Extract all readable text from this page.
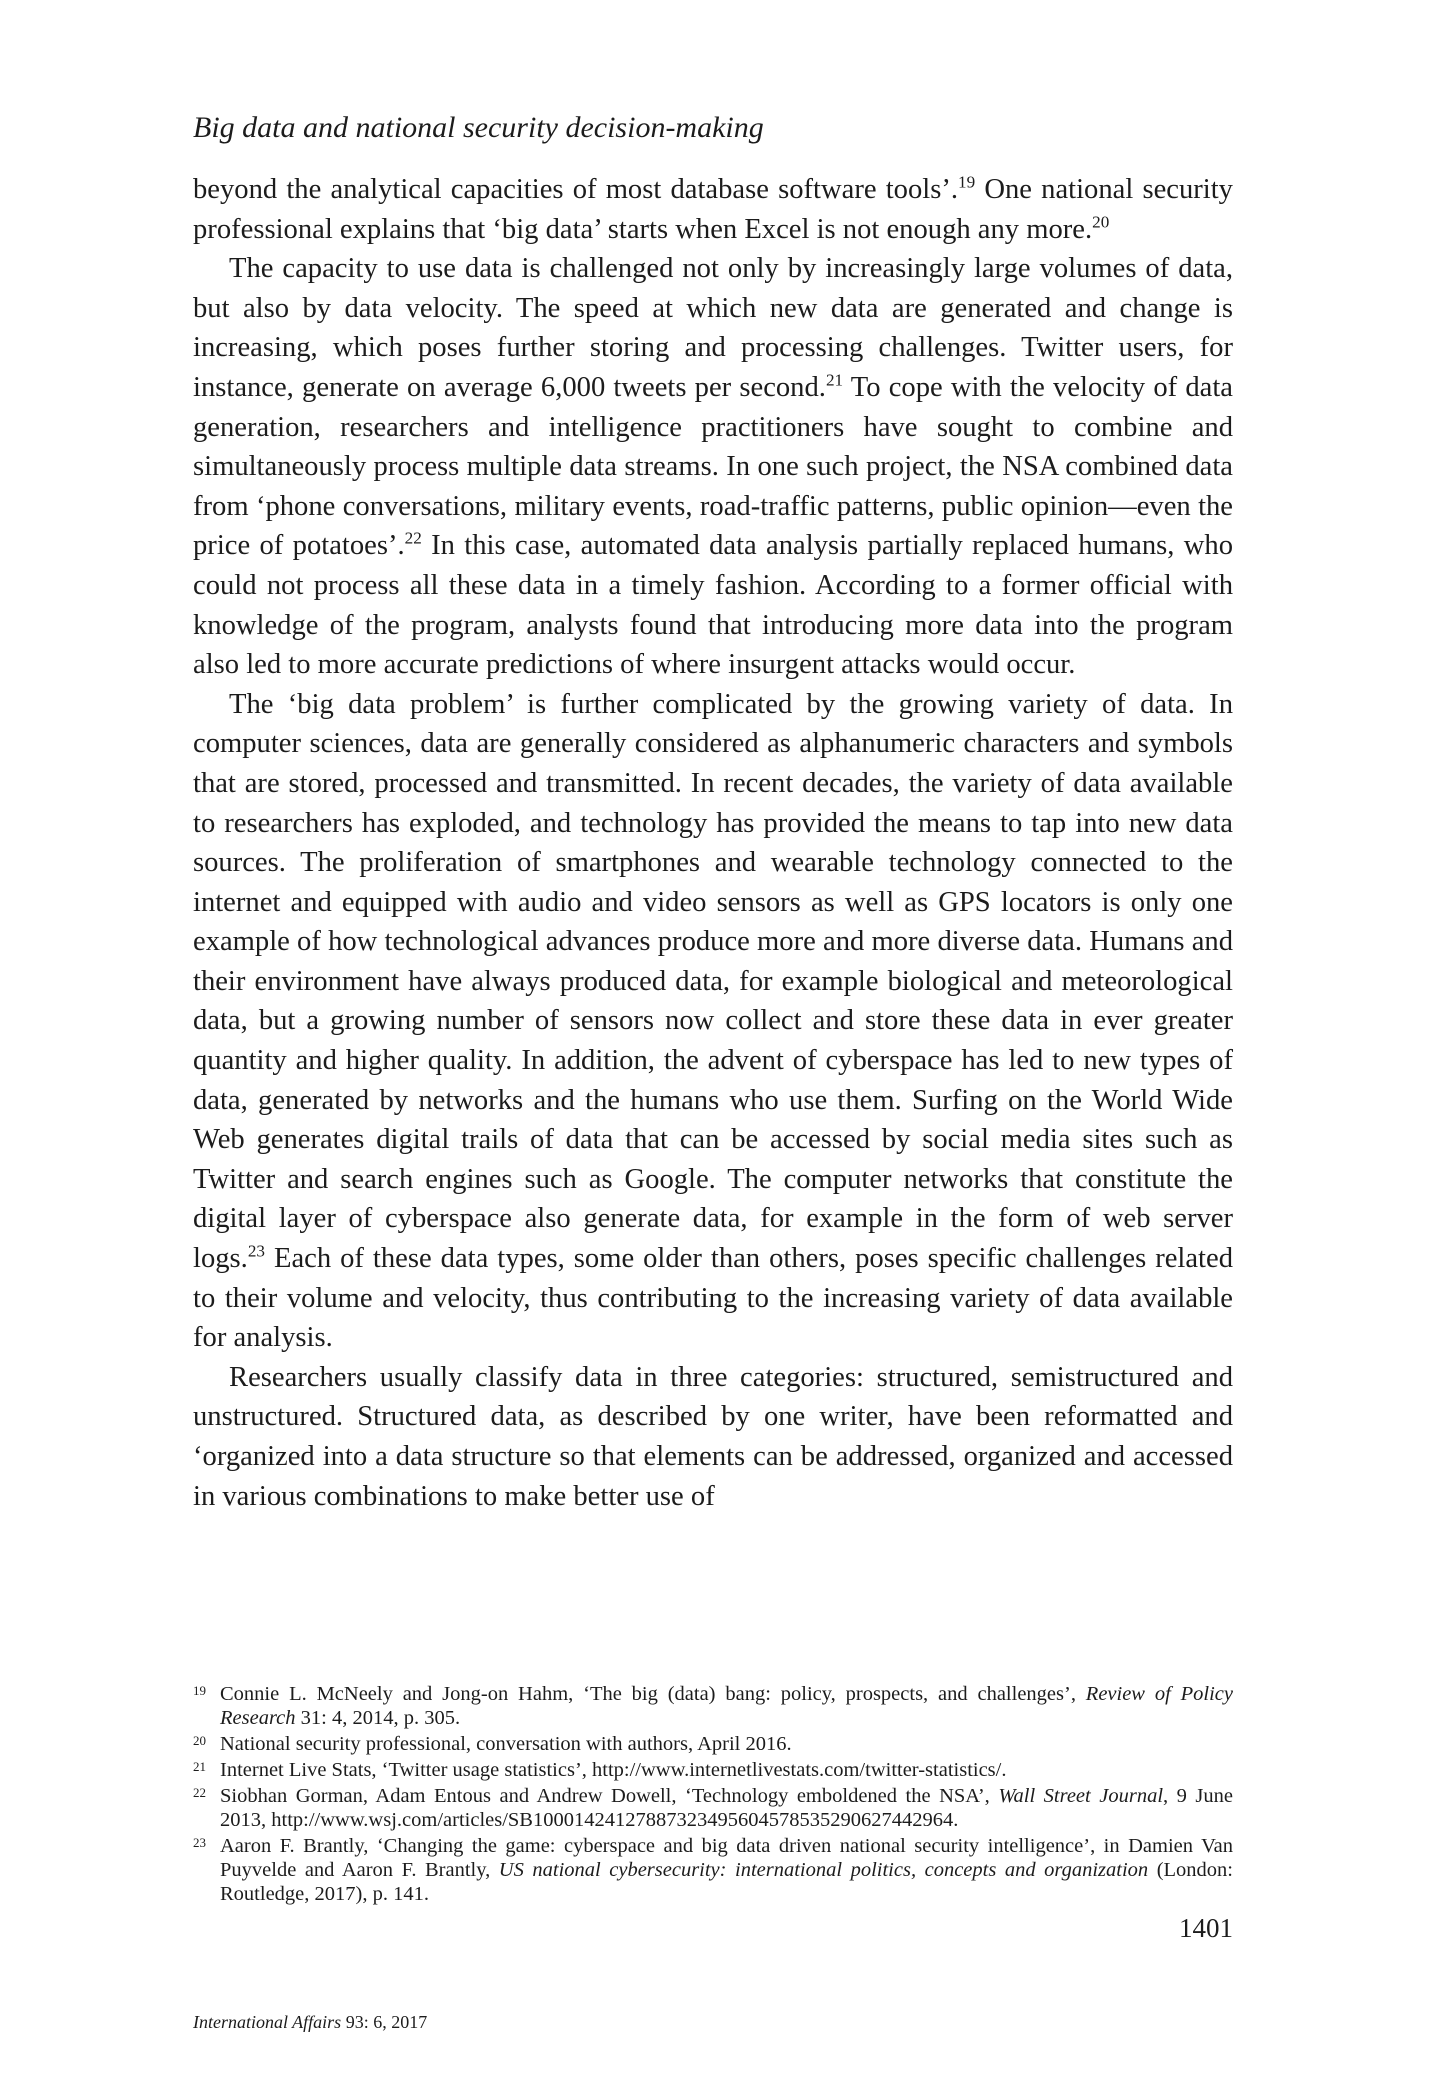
Big data and national security decision-making

beyond the analytical capacities of most database software tools’.$^{19}$ One national security professional explains that ‘big data’ starts when Excel is not enough any more.$^{20}$

The capacity to use data is challenged not only by increasingly large volumes of data, but also by data velocity. The speed at which new data are generated and change is increasing, which poses further storing and processing challenges. Twitter users, for instance, generate on average 6,000 tweets per second.$^{21}$ To cope with the velocity of data generation, researchers and intelligence practitioners have sought to combine and simultaneously process multiple data streams. In one such project, the NSA combined data from ‘phone conversations, military events, road-traffic patterns, public opinion—even the price of potatoes’.$^{22}$ In this case, automated data analysis partially replaced humans, who could not process all these data in a timely fashion. According to a former official with knowledge of the program, analysts found that introducing more data into the program also led to more accurate predictions of where insurgent attacks would occur.

The ‘big data problem’ is further complicated by the growing variety of data. In computer sciences, data are generally considered as alphanumeric characters and symbols that are stored, processed and transmitted. In recent decades, the variety of data available to researchers has exploded, and technology has provided the means to tap into new data sources. The proliferation of smartphones and wearable technology connected to the internet and equipped with audio and video sensors as well as GPS locators is only one example of how technological advances produce more and more diverse data. Humans and their environment have always produced data, for example biological and meteorological data, but a growing number of sensors now collect and store these data in ever greater quantity and higher quality. In addition, the advent of cyberspace has led to new types of data, generated by networks and the humans who use them. Surfing on the World Wide Web generates digital trails of data that can be accessed by social media sites such as Twitter and search engines such as Google. The computer networks that constitute the digital layer of cyberspace also generate data, for example in the form of web server logs.$^{23}$ Each of these data types, some older than others, poses specific challenges related to their volume and velocity, thus contributing to the increasing variety of data available for analysis.

Researchers usually classify data in three categories: structured, semistructured and unstructured. Structured data, as described by one writer, have been reformatted and ‘organized into a data structure so that elements can be addressed, organized and accessed in various combinations to make better use of

19 Connie L. McNeely and Jong-on Hahm, ‘The big (data) bang: policy, prospects, and challenges’, Review of Policy Research 31: 4, 2014, p. 305.
20 National security professional, conversation with authors, April 2016.
21 Internet Live Stats, ‘Twitter usage statistics’, http://www.internetlivestats.com/twitter-statistics/.
22 Siobhan Gorman, Adam Entous and Andrew Dowell, ‘Technology emboldened the NSA’, Wall Street Journal, 9 June 2013, http://www.wsj.com/articles/SB10001424127887323495604578535290627442964.
23 Aaron F. Brantly, ‘Changing the game: cyberspace and big data driven national security intelligence’, in Damien Van Puyvelde and Aaron F. Brantly, US national cybersecurity: international politics, concepts and organization (London: Routledge, 2017), p. 141.
1401
International Affairs 93: 6, 2017
